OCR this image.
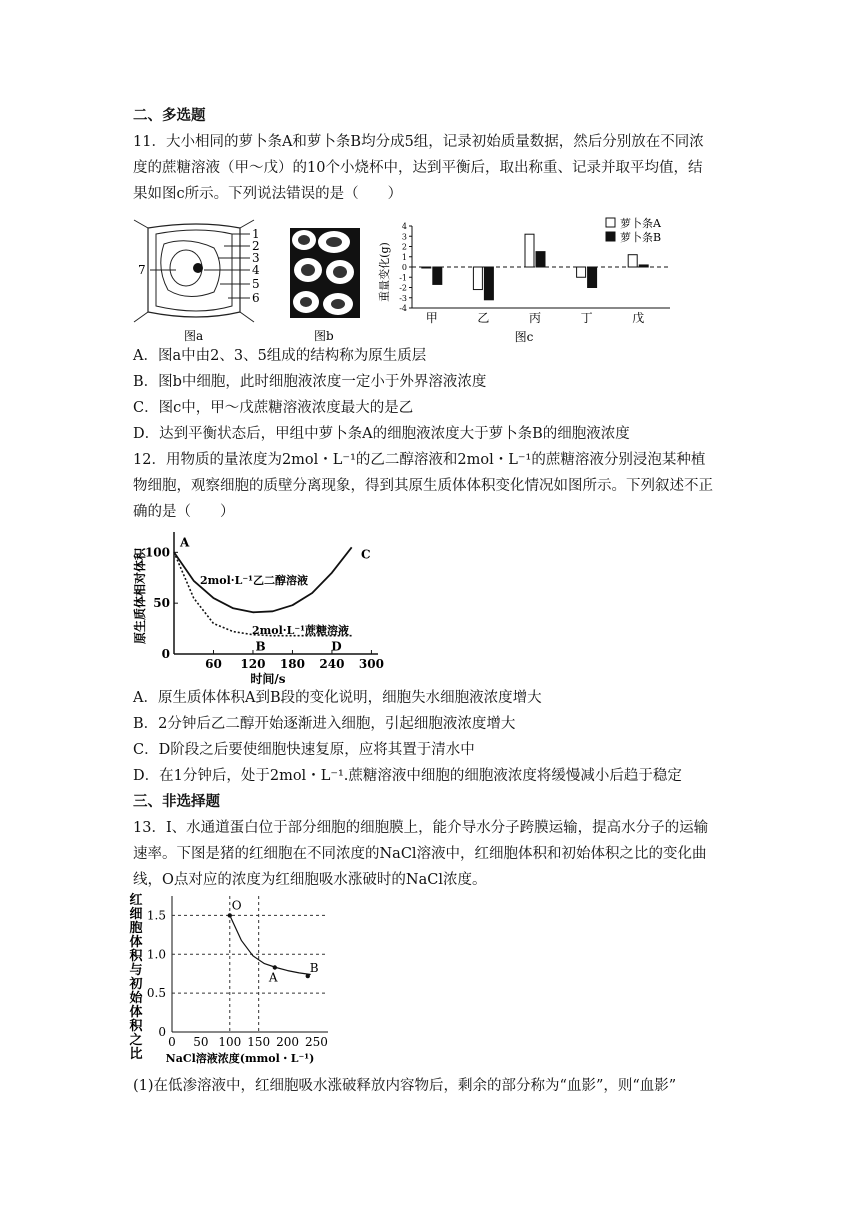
二、多选题
11．大小相同的萝卜条A和萝卜条B均分成5组，记录初始质量数据，然后分别放在不同浓
度的蔗糖溶液（甲～戊）的10个小烧杯中，达到平衡后，取出称重、记录并取平均值，结
果如图c所示。下列说法错误的是（　　）
1
2
3
4
5
6
7
图a	图b
重量变化(g)
4
3
2
1
0
-1
-2
-3
-4
甲	乙	丙	丁	戊
萝卜条A
萝卜条B
图c
A．图a中由2、3、5组成的结构称为原生质层
B．图b中细胞，此时细胞液浓度一定小于外界溶液浓度
C．图c中，甲～戊蔗糖溶液浓度最大的是乙
D．达到平衡状态后，甲组中萝卜条A的细胞液浓度大于萝卜条B的细胞液浓度
12．用物质的量浓度为2mol・L⁻¹的乙二醇溶液和2mol・L⁻¹的蔗糖溶液分别浸泡某种植
物细胞，观察细胞的质壁分离现象，得到其原生质体体积变化情况如图所示。下列叙述不正
确的是（　　）
原生质体相对体积
0
50
100
60 120 180 240 300
A
B
C
D
2mol·L⁻¹乙二醇溶液
2mol·L⁻¹蔗糖溶液
时间/s
A．原生质体体积A到B段的变化说明，细胞失水细胞液浓度增大
B．2分钟后乙二醇开始逐渐进入细胞，引起细胞液浓度增大
C．D阶段之后要使细胞快速复原，应将其置于清水中
D．在1分钟后，处于2mol・L⁻¹.蔗糖溶液中细胞的细胞液浓度将缓慢减小后趋于稳定
三、非选择题
13．Ⅰ、水通道蛋白位于部分细胞的细胞膜上，能介导水分子跨膜运输，提高水分子的运输
速率。下图是猪的红细胞在不同浓度的NaCl溶液中，红细胞体积和初始体积之比的变化曲
线，O点对应的浓度为红细胞吸水涨破时的NaCl浓度。
红
细
胞
体
积
与
初
始
体
积
之
比
0
0.5
1.0
1.5
0 50 100 150 200 250
O
A
B
NaCl溶液浓度(mmol・L⁻¹)
(1)在低渗溶液中，红细胞吸水涨破释放内容物后，剩余的部分称为“血影”，则“血影”
